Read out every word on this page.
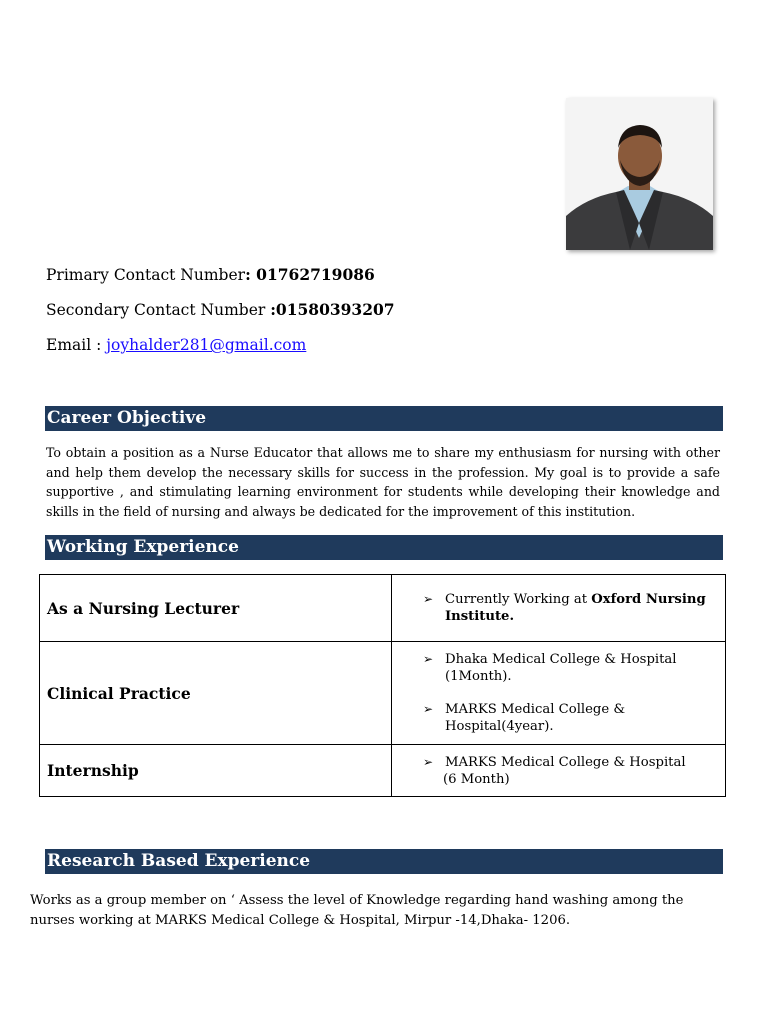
Primary Contact Number: 01762719086
Secondary Contact Number :01580393207
Email : joyhalder281@gmail.com
Career Objective

To obtain a position as a Nurse Educator that allows me to share my enthusiasm for nursing with other and help them develop the necessary skills for success in the profession. My goal is to provide a safe supportive , and stimulating learning environment for students while developing their knowledge and skills in the field of nursing and always be dedicated for the improvement of this institution.

Working Experience
As a Nursing Lecturer	➢ Currently Working at Oxford Nursing Institute.

Clinical Practice	➢ Dhaka Medical College & Hospital (1Month).
➢ MARKS Medical College & Hospital(4year).

Internship	➢ MARKS Medical College & Hospital
(6 Month)
Research Based Experience

Works as a group member on ‘ Assess the level of Knowledge regarding hand washing among the nurses working at MARKS Medical College & Hospital, Mirpur -14,Dhaka- 1206.
